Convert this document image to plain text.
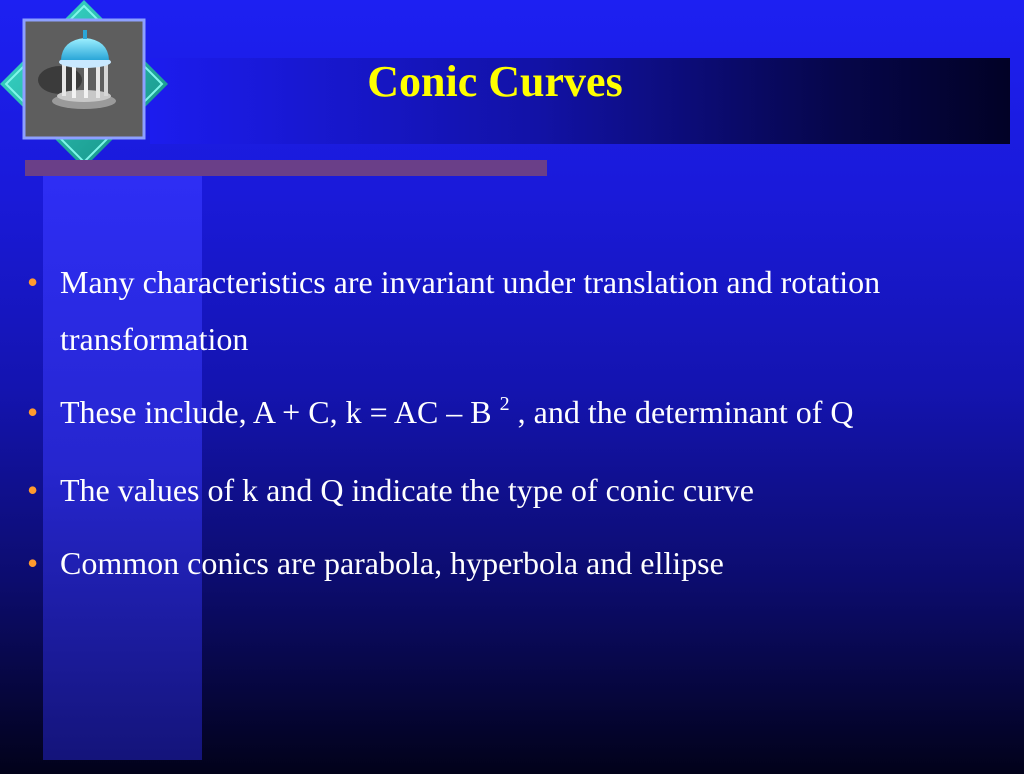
Conic Curves
• Many characteristics are invariant under translation and rotation transformation
• These include, A + C, k = AC – B $^2$ , and the determinant of Q
• The values of k and Q indicate the type of conic curve
• Common conics are parabola, hyperbola and ellipse
